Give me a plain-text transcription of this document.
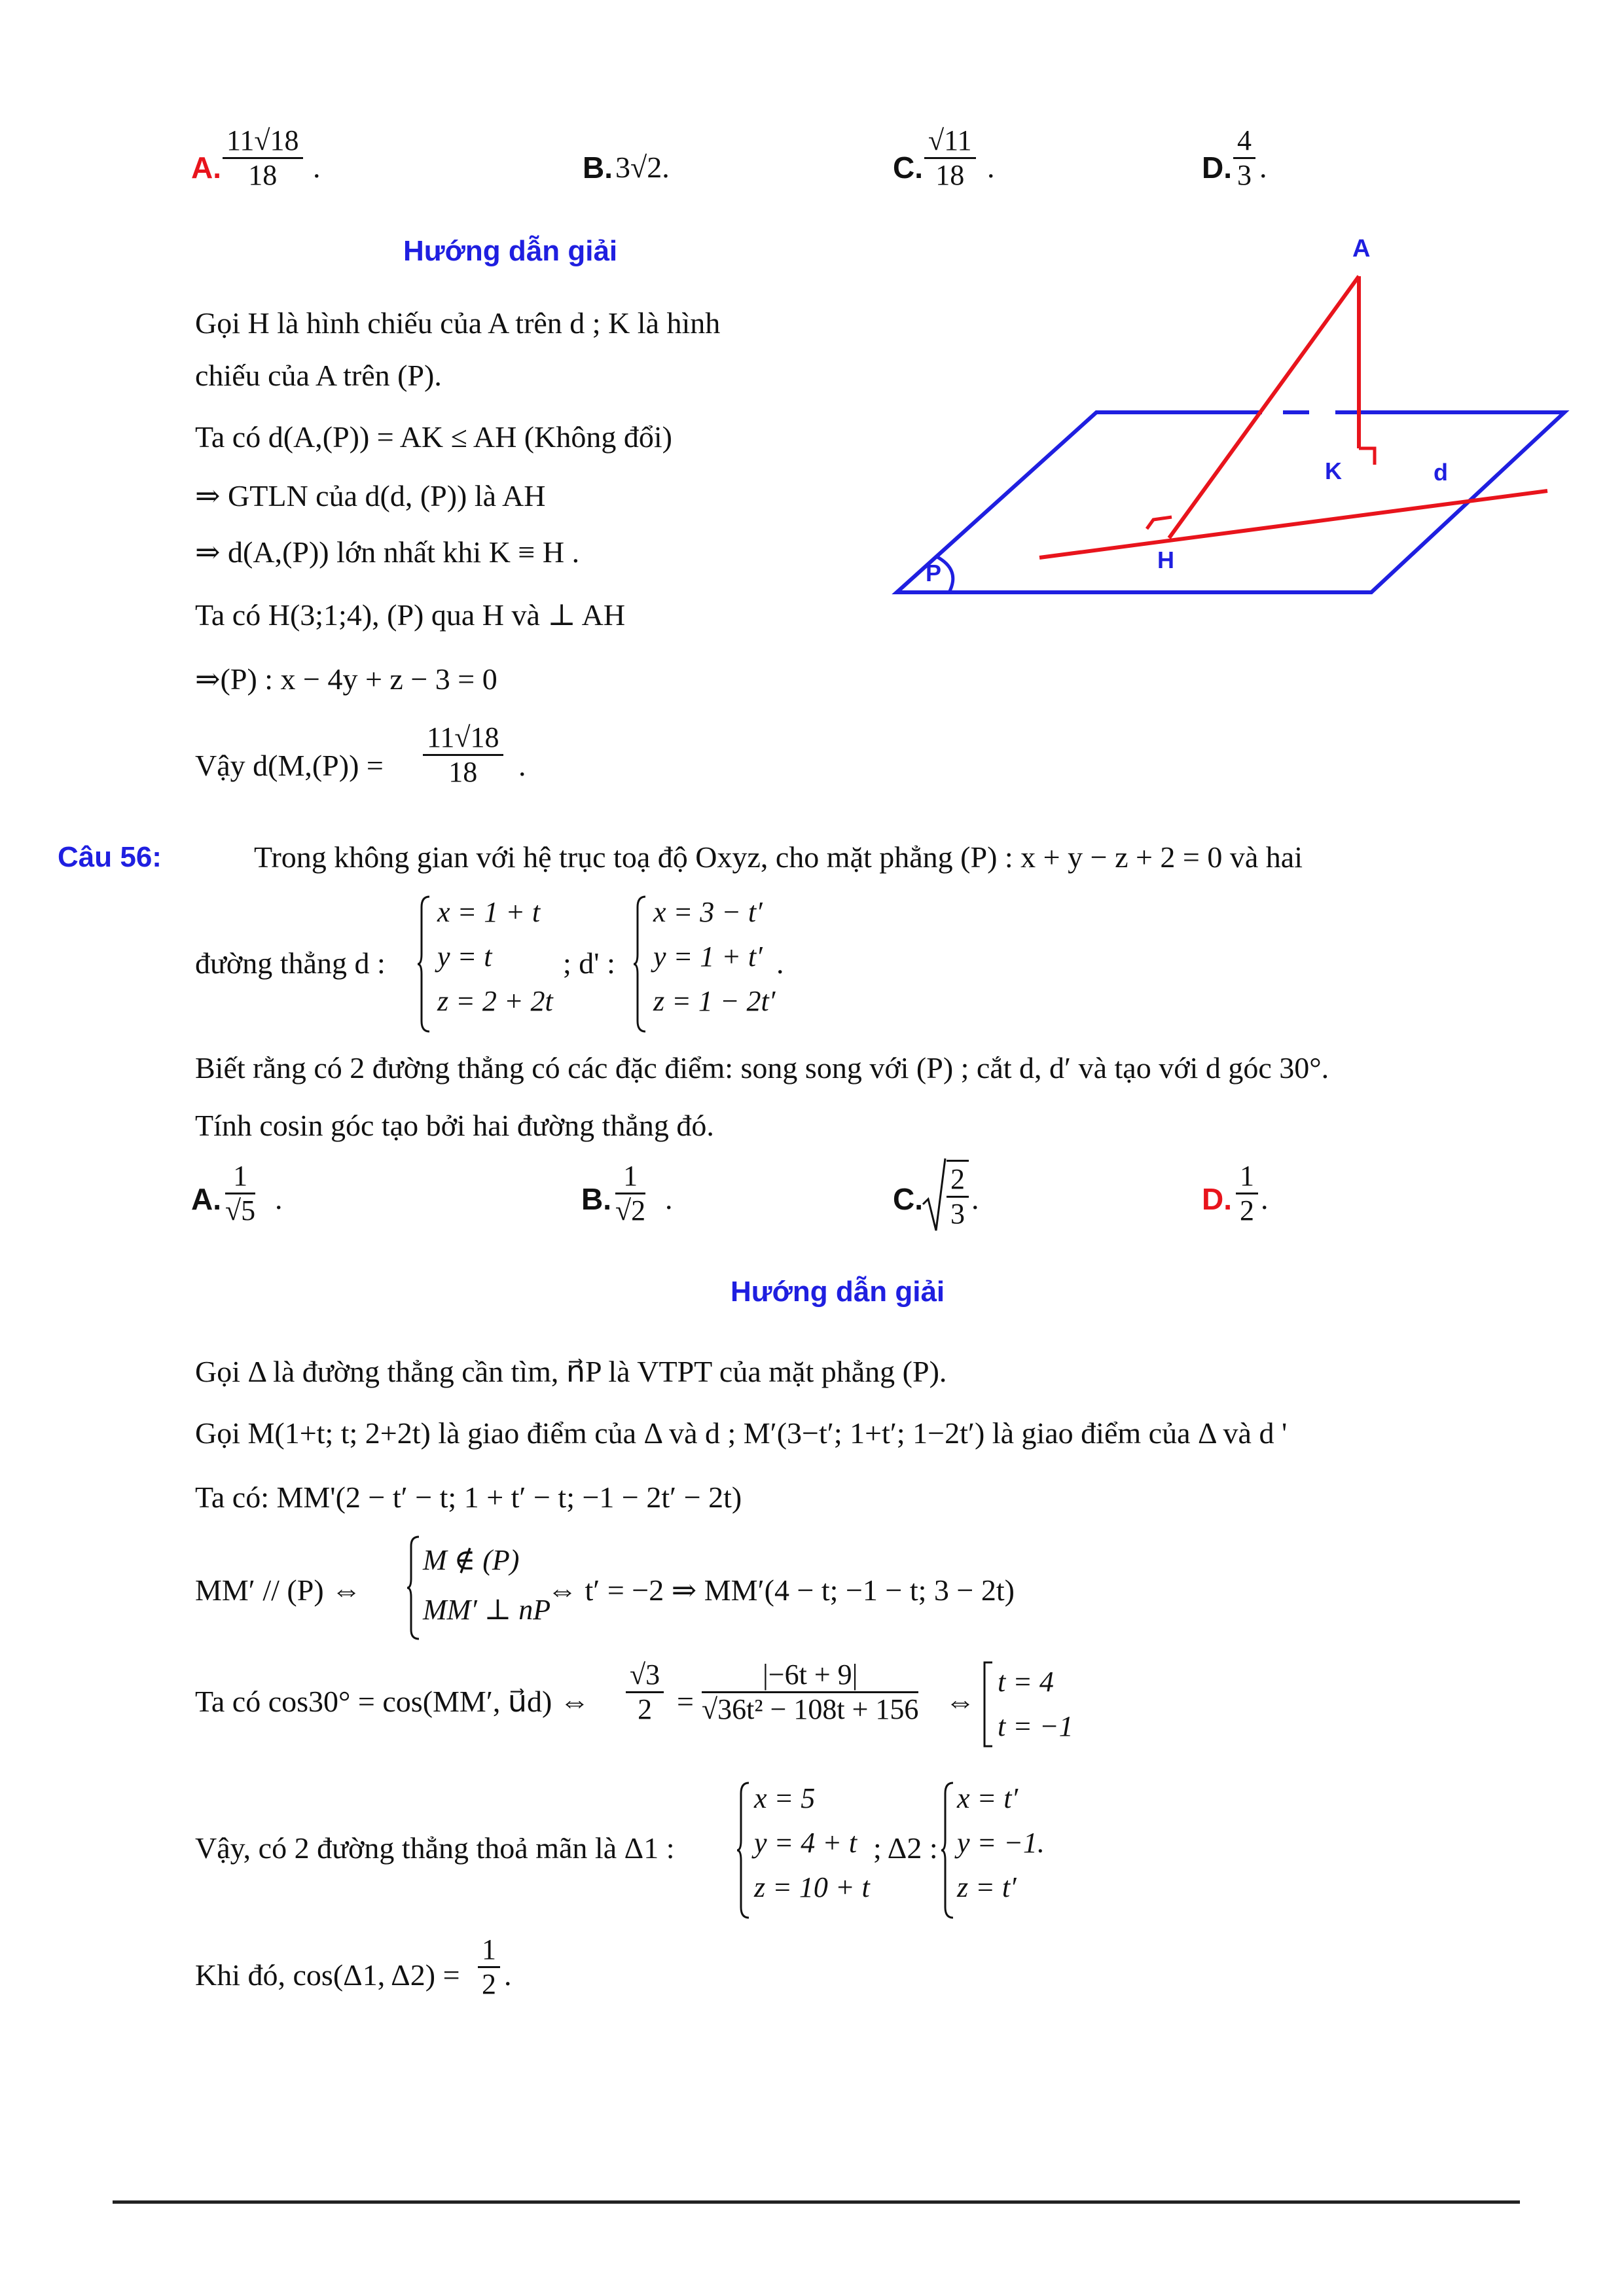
A.
11√18
18	.	B. 3√2.	C.
√11
18 .	D.
4
3 .
Hướng dẫn giải
Gọi H là hình chiếu của A trên d ; K là hình
chiếu của A trên (P).
Ta có d(A,(P)) = AK ≤ AH (Không đổi)
⇒ GTLN của d(d, (P)) là AH
⇒ d(A,(P)) lớn nhất khi K ≡ H .
Ta có H(3;1;4), (P) qua H và ⊥ AH
⇒(P) : x − 4y + z − 3 = 0
Vậy d(M,(P)) =
11√18
18	.
A
K	d
H
P
Câu 56:	Trong không gian với hệ trục toạ độ Oxyz, cho mặt phẳng (P) : x + y − z + 2 = 0 và hai
đường thẳng d :
x = 1 + t
y = t
z = 2 + 2t
; d' :
x = 3 − t′
y = 1 + t′
z = 1 − 2t′
.
Biết rằng có 2 đường thẳng có các đặc điểm: song song với (P) ; cắt d, d′ và tạo với d góc 30°.
Tính cosin góc tạo bởi hai đường thẳng đó.
A.
1
√5 .	B.
1
√2 .	C.
2
3 .	D.
1
2 .
Hướng dẫn giải
Gọi Δ là đường thẳng cần tìm, n⃗P là VTPT của mặt phẳng (P).
Gọi M(1+t; t; 2+2t) là giao điểm của Δ và d ; M′(3−t′; 1+t′; 1−2t′) là giao điểm của Δ và d '
Ta có: MM'(2 − t′ − t; 1 + t′ − t; −1 − 2t′ − 2t)
MM′ // (P) ⇔
M ∉ (P)
MM′ ⊥ nP
⇔ t′ = −2 ⇒ MM′(4 − t; −1 − t; 3 − 2t)
Ta có cos30° = cos(MM′, u⃗d) ⇔
√3
2 =
|−6t + 9|
√36t² − 108t + 156 ⇔
t = 4
t = −1
Vậy, có 2 đường thẳng thoả mãn là Δ1 :
x = 5
y = 4 + t
z = 10 + t
; Δ2 :
x = t′
y = −1.
z = t′
Khi đó, cos(Δ1, Δ2) =
1
2 .
